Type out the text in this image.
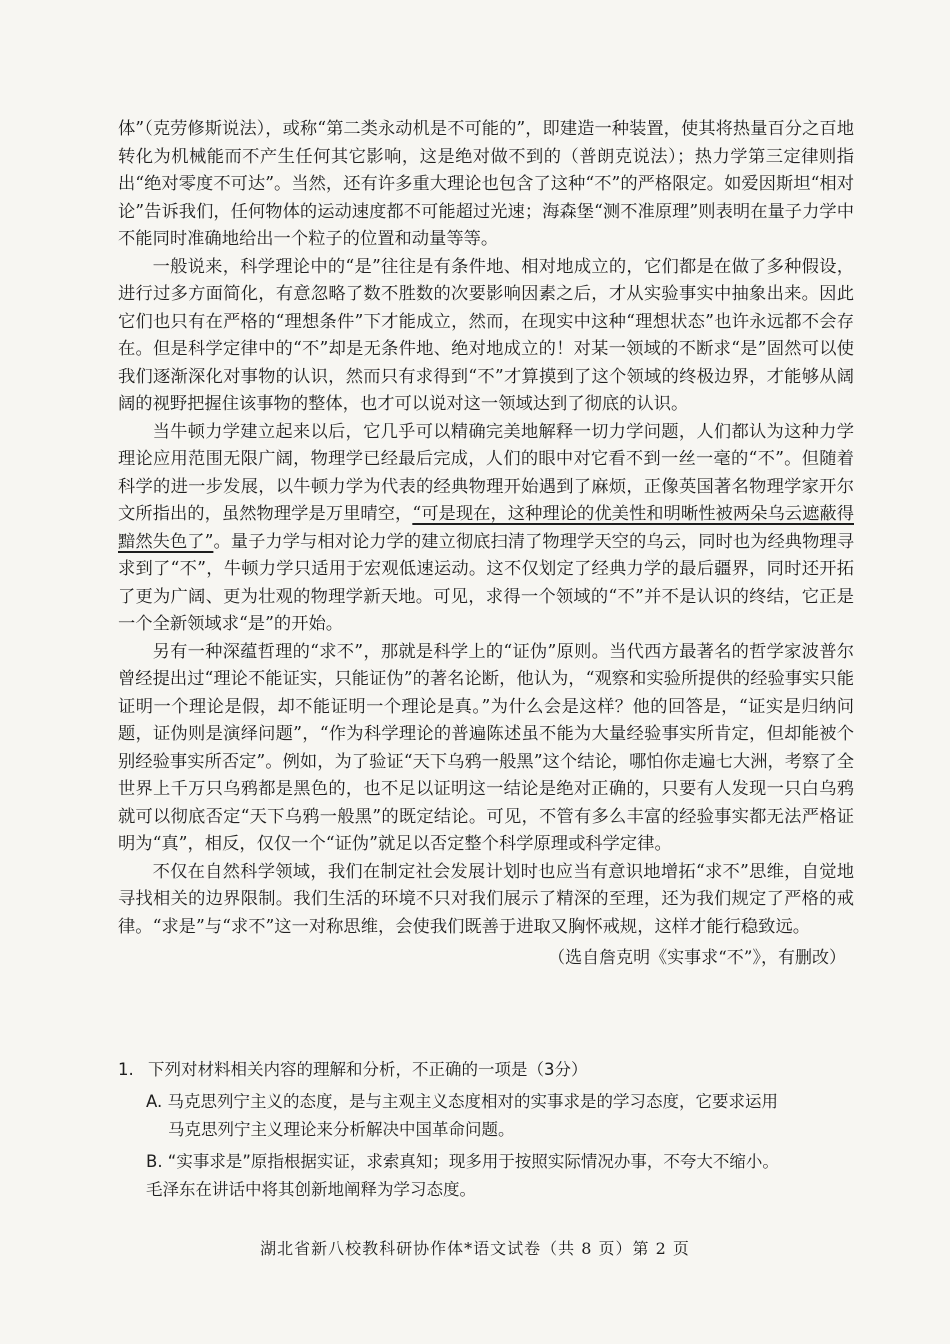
体”（克劳修斯说法），或称“第二类永动机是不可能的”，即建造一种装置，使其将热量百分之百地转化为机械能而不产生任何其它影响，这是绝对做不到的（普朗克说法）；热力学第三定律则指出“绝对零度不可达”。当然，还有许多重大理论也包含了这种“不”的严格限定。如爱因斯坦“相对论”告诉我们，任何物体的运动速度都不可能超过光速；海森堡“测不准原理”则表明在量子力学中不能同时准确地给出一个粒子的位置和动量等等。

一般说来，科学理论中的“是”往往是有条件地、相对地成立的，它们都是在做了多种假设，进行过多方面简化，有意忽略了数不胜数的次要影响因素之后，才从实验事实中抽象出来。因此它们也只有在严格的“理想条件”下才能成立，然而，在现实中这种“理想状态”也许永远都不会存在。但是科学定律中的“不”却是无条件地、绝对地成立的！对某一领域的不断求“是”固然可以使我们逐渐深化对事物的认识，然而只有求得到“不”才算摸到了这个领域的终极边界，才能够从阔阔的视野把握住该事物的整体，也才可以说对这一领域达到了彻底的认识。

当牛顿力学建立起来以后，它几乎可以精确完美地解释一切力学问题，人们都认为这种力学理论应用范围无限广阔，物理学已经最后完成，人们的眼中对它看不到一丝一毫的“不”。但随着科学的进一步发展，以牛顿力学为代表的经典物理开始遇到了麻烦，正像英国著名物理学家开尔文所指出的，虽然物理学是万里晴空，“可是现在，这种理论的优美性和明晰性被两朵乌云遮蔽得黯然失色了”。量子力学与相对论力学的建立彻底扫清了物理学天空的乌云，同时也为经典物理寻求到了“不”，牛顿力学只适用于宏观低速运动。这不仅划定了经典力学的最后疆界，同时还开拓了更为广阔、更为壮观的物理学新天地。可见，求得一个领域的“不”并不是认识的终结，它正是一个全新领域求“是”的开始。

另有一种深蕴哲理的“求不”，那就是科学上的“证伪”原则。当代西方最著名的哲学家波普尔曾经提出过“理论不能证实，只能证伪”的著名论断，他认为，“观察和实验所提供的经验事实只能证明一个理论是假，却不能证明一个理论是真。”为什么会是这样？他的回答是，“证实是归纳问题，证伪则是演绎问题”，“作为科学理论的普遍陈述虽不能为大量经验事实所肯定，但却能被个别经验事实所否定”。例如，为了验证“天下乌鸦一般黑”这个结论，哪怕你走遍七大洲，考察了全世界上千万只乌鸦都是黑色的，也不足以证明这一结论是绝对正确的，只要有人发现一只白乌鸦就可以彻底否定“天下乌鸦一般黑”的既定结论。可见，不管有多么丰富的经验事实都无法严格证明为“真”，相反，仅仅一个“证伪”就足以否定整个科学原理或科学定律。

不仅在自然科学领域，我们在制定社会发展计划时也应当有意识地增拓“求不”思维，自觉地寻找相关的边界限制。我们生活的环境不只对我们展示了精深的至理，还为我们规定了严格的戒律。“求是”与“求不”这一对称思维，会使我们既善于进取又胸怀戒规，这样才能行稳致远。

（选自詹克明《实事求“不”》，有删改）

1. 下列对材料相关内容的理解和分析，不正确的一项是（3分）
A. 马克思列宁主义的态度，是与主观主义态度相对的实事求是的学习态度，它要求运用
马克思列宁主义理论来分析解决中国革命问题。
B. “实事求是”原指根据实证，求索真知；现多用于按照实际情况办事，不夸大不缩小。
毛泽东在讲话中将其创新地阐释为学习态度。
湖北省新八校教科研协作体*语文试卷（共 8 页）第 2 页
